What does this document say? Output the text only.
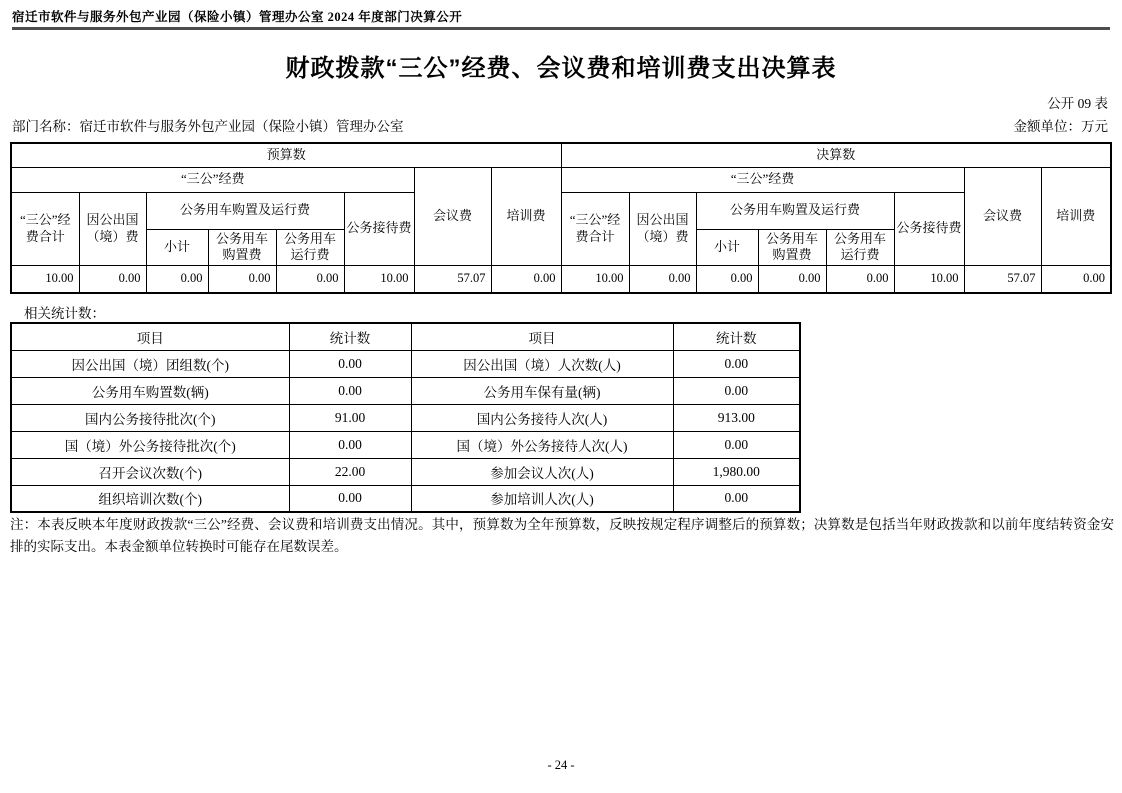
宿迁市软件与服务外包产业园（保险小镇）管理办公室 2024 年度部门决算公开
财政拨款“三公”经费、会议费和培训费支出决算表
公开 09 表
部门名称：宿迁市软件与服务外包产业园（保险小镇）管理办公室	金额单位：万元
预算数								决算数							
“三公”经费						会议费	培训费	“三公”经费						会议费	培训费
“三公”经费合计	因公出国（境）费	公务用车购置及运行费			公务接待费			“三公”经费合计	因公出国（境）费	公务用车购置及运行费			公务接待费		
		小计	公务用车购置费	公务用车运行费						小计	公务用车购置费	公务用车运行费			
10.00	0.00	0.00	0.00	0.00	10.00	57.07	0.00	10.00	0.00	0.00	0.00	0.00	10.00	57.07	0.00
相关统计数：
项目	统计数	项目	统计数
因公出国（境）团组数(个)	0.00	因公出国（境）人次数(人)	0.00
公务用车购置数(辆)	0.00	公务用车保有量(辆)	0.00
国内公务接待批次(个)	91.00	国内公务接待人次(人)	913.00
国（境）外公务接待批次(个)	0.00	国（境）外公务接待人次(人)	0.00
召开会议次数(个)	22.00	参加会议人次(人)	1,980.00
组织培训次数(个)	0.00	参加培训人次(人)	0.00
注：本表反映本年度财政拨款“三公”经费、会议费和培训费支出情况。其中，预算数为全年预算数，反映按规定程序调整后的预算数；决算数是包括当年财政拨款和以前年度结转资金安排的实际支出。本表金额单位转换时可能存在尾数误差。
- 24 -
